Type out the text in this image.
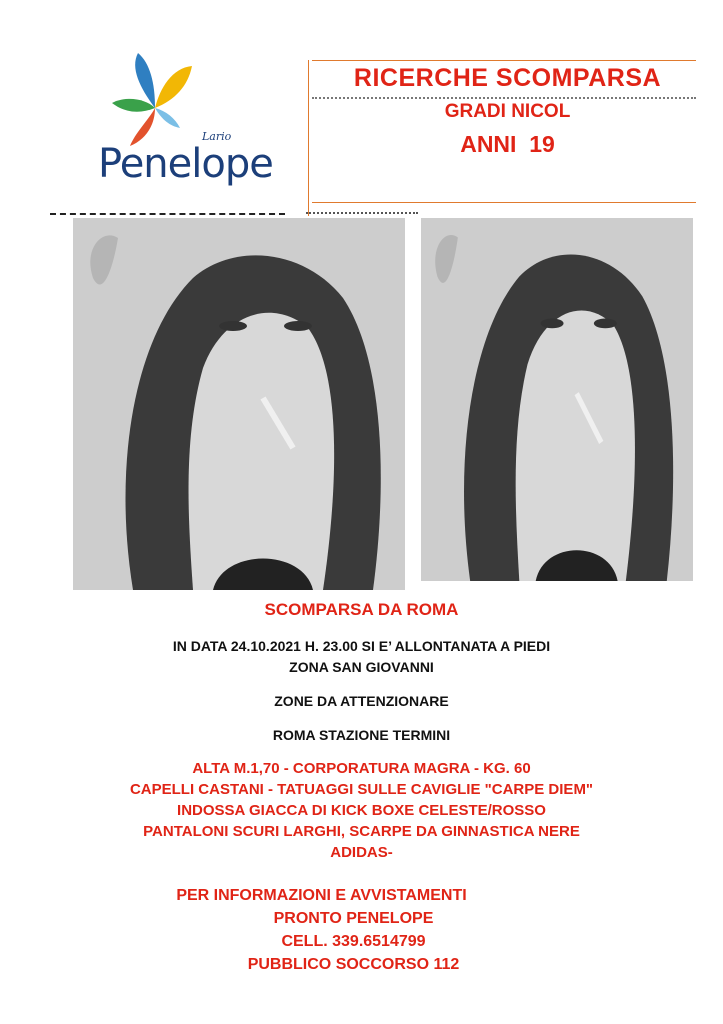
Lario
Penelope
RICERCHE SCOMPARSA
GRADI NICOL
ANNI  19
SCOMPARSA DA ROMA
IN DATA 24.10.2021 H. 23.00 SI E’ ALLONTANATA A PIEDI
ZONA SAN GIOVANNI
ZONE DA ATTENZIONARE
ROMA STAZIONE TERMINI
ALTA M.1,70 - CORPORATURA MAGRA - KG. 60
CAPELLI CASTANI - TATUAGGI SULLE CAVIGLIE "CARPE DIEM"
INDOSSA GIACCA DI KICK BOXE CELESTE/ROSSO
PANTALONI SCURI LARGHI, SCARPE DA GINNASTICA NERE
ADIDAS-
PER INFORMAZIONI E AVVISTAMENTI
PRONTO PENELOPE
CELL. 339.6514799
PUBBLICO SOCCORSO 112
